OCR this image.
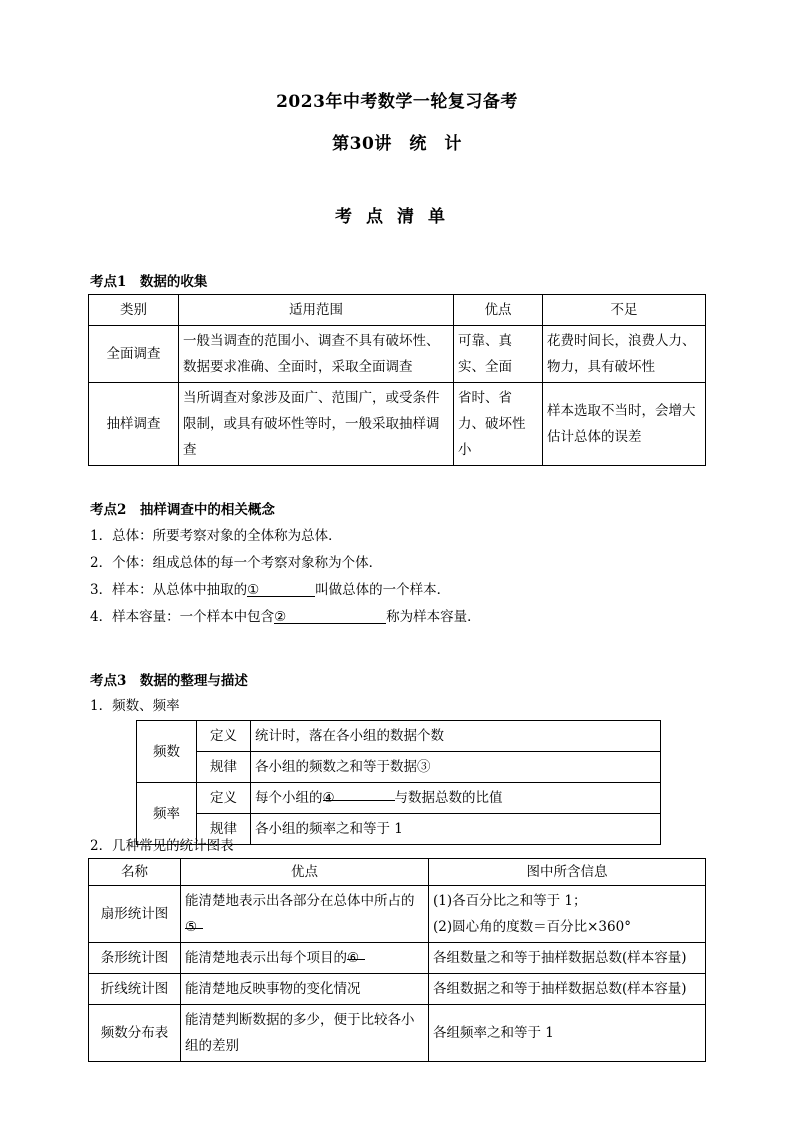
2023年中考数学一轮复习备考
第30讲　统　计
考点清单
考点1　数据的收集
类别	适用范围	优点	不足
全面调查	一般当调查的范围小、调查不具有破坏性、数据要求准确、全面时，采取全面调查	可靠、真实、全面	花费时间长，浪费人力、物力，具有破坏性
抽样调查	当所调查对象涉及面广、范围广，或受条件限制，或具有破坏性等时，一般采取抽样调查	省时、省力、破坏性小	样本选取不当时，会增大估计总体的误差
考点2　抽样调查中的相关概念
1．总体：所要考察对象的全体称为总体．
2．个体：组成总体的每一个考察对象称为个体．
3．样本：从总体中抽取的①	叫做总体的一个样本．
4．样本容量：一个样本中包含②	称为样本容量．
考点3　数据的整理与描述
1．频数、频率
频数	定义	统计时，落在各小组的数据个数
	规律	各小组的频数之和等于数据③
频率	定义	每个小组的④ 与数据总数的比值
	规律	各小组的频率之和等于 1
2．几种常见的统计图表
名称	优点	图中所含信息
扇形统计图	能清楚地表示出各部分在总体中所占的⑤	(1)各百分比之和等于 1；
(2)圆心角的度数＝百分比×360°

条形统计图	能清楚地表示出每个项目的⑥	各组数量之和等于抽样数据总数(样本容量)
折线统计图	能清楚地反映事物的变化情况	各组数据之和等于抽样数据总数(样本容量)
频数分布表	能清楚判断数据的多少，便于比较各小组的差别	各组频率之和等于 1
